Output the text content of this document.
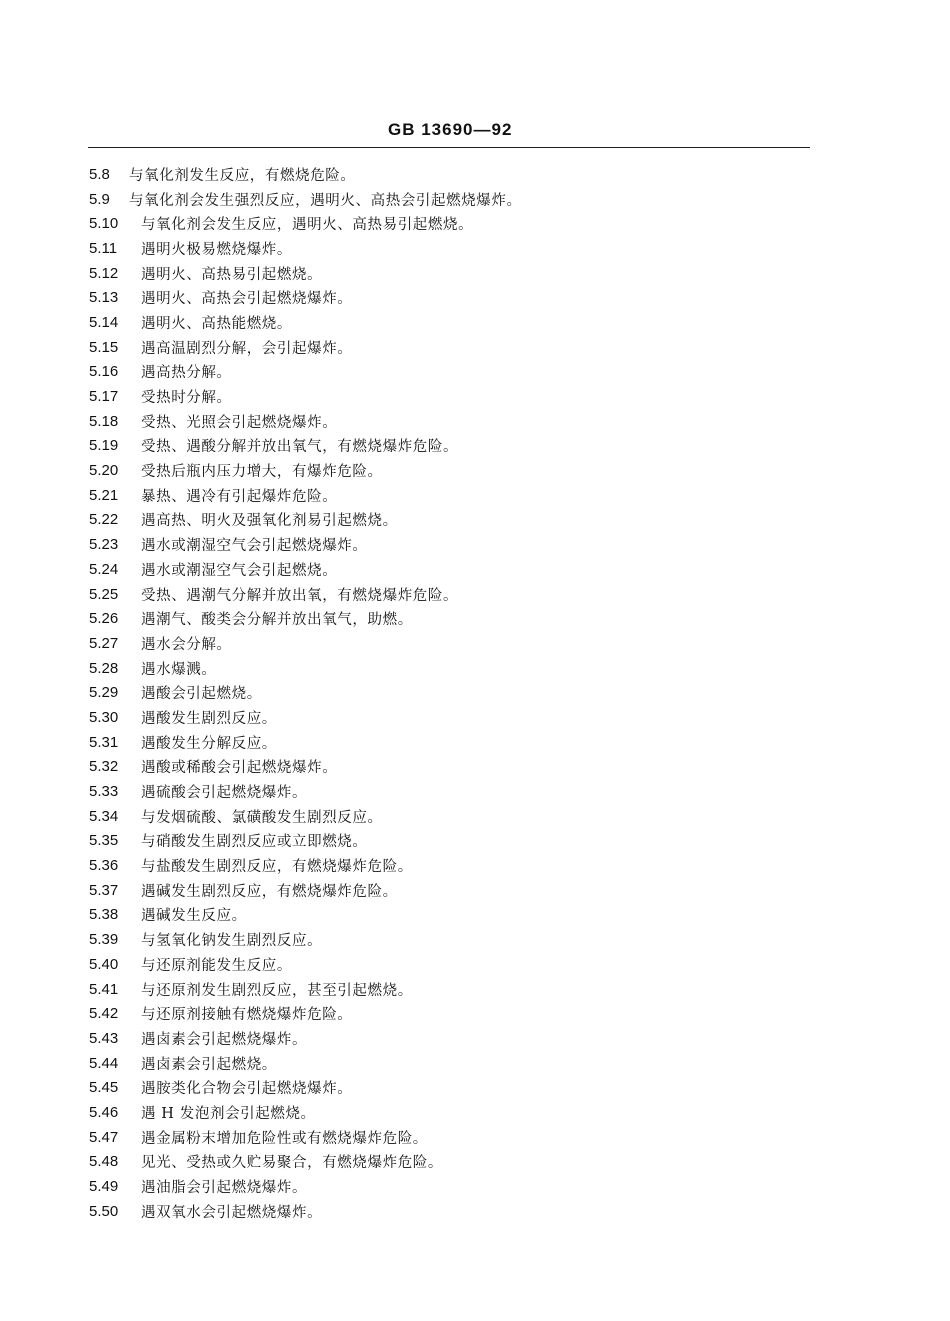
GB 13690—92
5.8	与氧化剂发生反应，有燃烧危险。
5.9	与氧化剂会发生强烈反应，遇明火、高热会引起燃烧爆炸。
5.10	与氧化剂会发生反应，遇明火、高热易引起燃烧。
5.11	遇明火极易燃烧爆炸。
5.12	遇明火、高热易引起燃烧。
5.13	遇明火、高热会引起燃烧爆炸。
5.14	遇明火、高热能燃烧。
5.15	遇高温剧烈分解，会引起爆炸。
5.16	遇高热分解。
5.17	受热时分解。
5.18	受热、光照会引起燃烧爆炸。
5.19	受热、遇酸分解并放出氧气，有燃烧爆炸危险。
5.20	受热后瓶内压力增大，有爆炸危险。
5.21	暴热、遇冷有引起爆炸危险。
5.22	遇高热、明火及强氧化剂易引起燃烧。
5.23	遇水或潮湿空气会引起燃烧爆炸。
5.24	遇水或潮湿空气会引起燃烧。
5.25	受热、遇潮气分解并放出氧，有燃烧爆炸危险。
5.26	遇潮气、酸类会分解并放出氧气，助燃。
5.27	遇水会分解。
5.28	遇水爆溅。
5.29	遇酸会引起燃烧。
5.30	遇酸发生剧烈反应。
5.31	遇酸发生分解反应。
5.32	遇酸或稀酸会引起燃烧爆炸。
5.33	遇硫酸会引起燃烧爆炸。
5.34	与发烟硫酸、氯磺酸发生剧烈反应。
5.35	与硝酸发生剧烈反应或立即燃烧。
5.36	与盐酸发生剧烈反应，有燃烧爆炸危险。
5.37	遇碱发生剧烈反应，有燃烧爆炸危险。
5.38	遇碱发生反应。
5.39	与氢氧化钠发生剧烈反应。
5.40	与还原剂能发生反应。
5.41	与还原剂发生剧烈反应，甚至引起燃烧。
5.42	与还原剂接触有燃烧爆炸危险。
5.43	遇卤素会引起燃烧爆炸。
5.44	遇卤素会引起燃烧。
5.45	遇胺类化合物会引起燃烧爆炸。
5.46	遇 H 发泡剂会引起燃烧。
5.47	遇金属粉末增加危险性或有燃烧爆炸危险。
5.48	见光、受热或久贮易聚合，有燃烧爆炸危险。
5.49	遇油脂会引起燃烧爆炸。
5.50	遇双氧水会引起燃烧爆炸。
